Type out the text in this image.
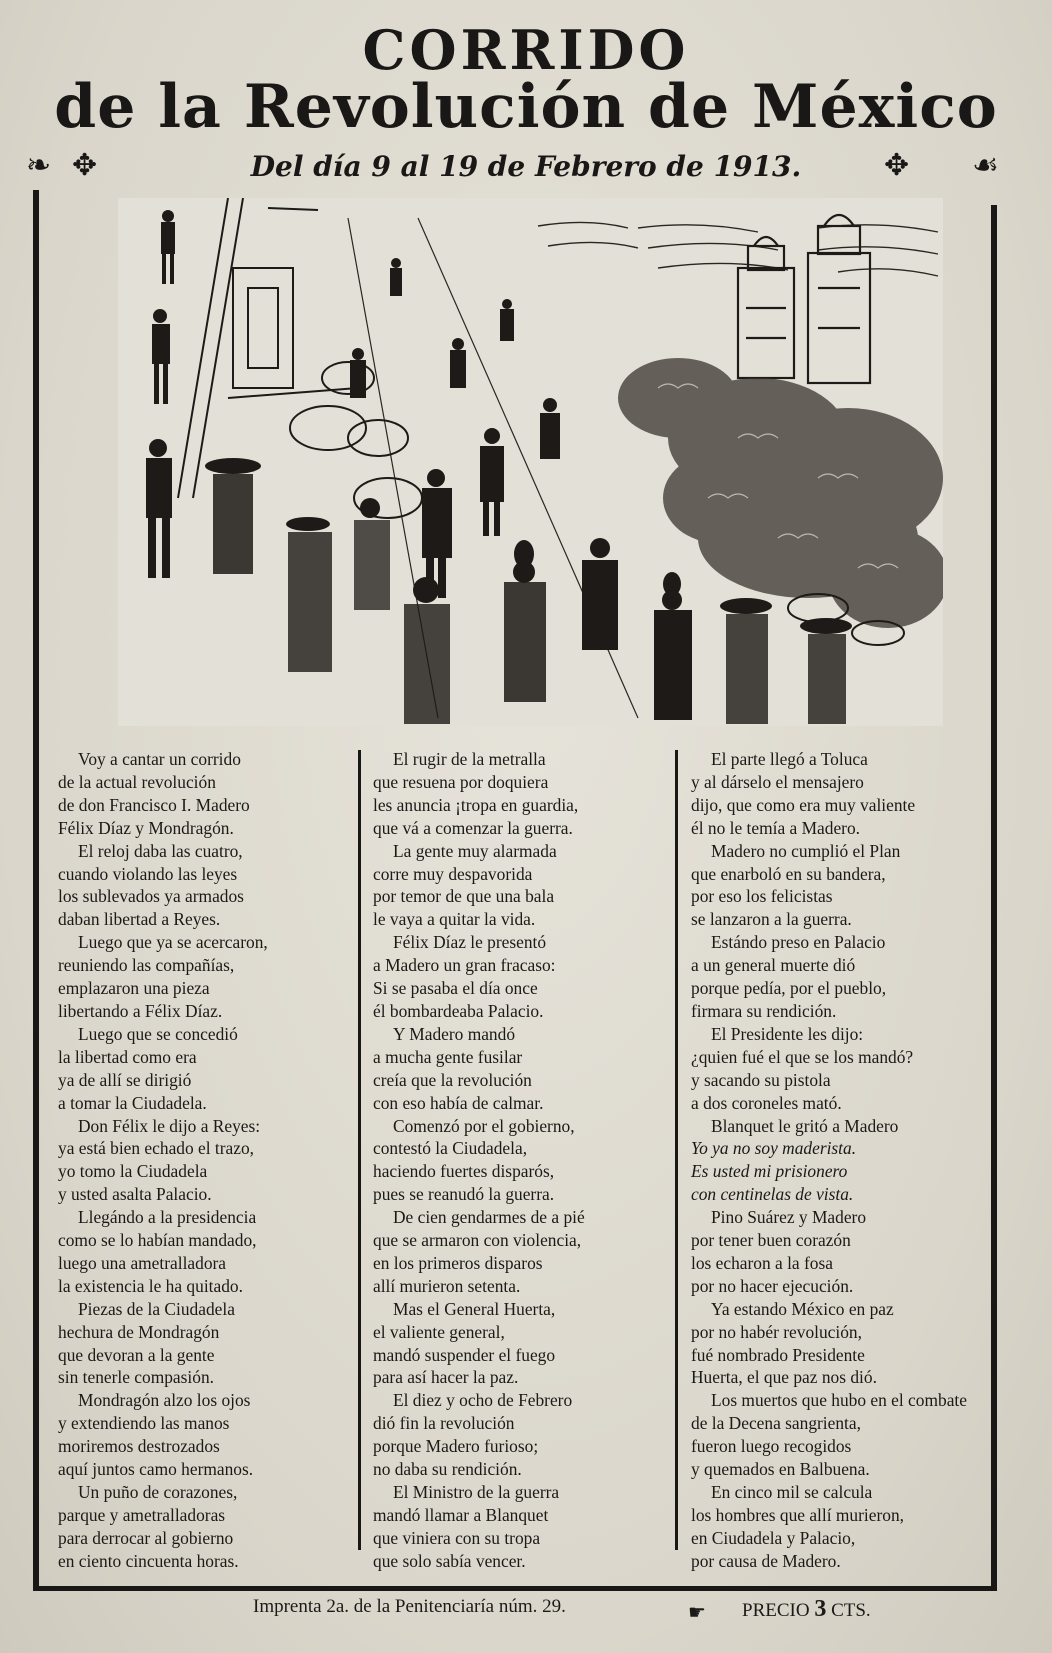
CORRIDO
de la Revolución de México
❧ ✥	Del día 9 al 19 de Febrero de 1913.	✥ ☙
Voy a cantar un corrido
de la actual revolución
de don Francisco I. Madero
Félix Díaz y Mondragón.
El reloj daba las cuatro,
cuando violando las leyes
los sublevados ya armados
daban libertad a Reyes.
Luego que ya se acercaron,
reuniendo las compañías,
emplazaron una pieza
libertando a Félix Díaz.
Luego que se concedió
la libertad como era
ya de allí se dirigió
a tomar la Ciudadela.
Don Félix le dijo a Reyes:
ya está bien echado el trazo,
yo tomo la Ciudadela
y usted asalta Palacio.
Llegándo a la presidencia
como se lo habían mandado,
luego una ametralladora
la existencia le ha quitado.
Piezas de la Ciudadela
hechura de Mondragón
que devoran a la gente
sin tenerle compasión.
Mondragón alzo los ojos
y extendiendo las manos
moriremos destrozados
aquí juntos camo hermanos.
Un puño de corazones,
parque y ametralladoras
para derrocar al gobierno
en ciento cincuenta horas.
El rugir de la metralla
que resuena por doquiera
les anuncia ¡tropa en guardia,
que vá a comenzar la guerra.
La gente muy alarmada
corre muy despavorida
por temor de que una bala
le vaya a quitar la vida.
Félix Díaz le presentó
a Madero un gran fracaso:
Si se pasaba el día once
él bombardeaba Palacio.
Y Madero mandó
a mucha gente fusilar
creía que la revolución
con eso había de calmar.
Comenzó por el gobierno,
contestó la Ciudadela,
haciendo fuertes disparós,
pues se reanudó la guerra.
De cien gendarmes de a pié
que se armaron con violencia,
en los primeros disparos
allí murieron setenta.
Mas el General Huerta,
el valiente general,
mandó suspender el fuego
para así hacer la paz.
El diez y ocho de Febrero
dió fin la revolución
porque Madero furioso;
no daba su rendición.
El Ministro de la guerra
mandó llamar a Blanquet
que viniera con su tropa
que solo sabía vencer.
El parte llegó a Toluca
y al dárselo el mensajero
dijo, que como era muy valiente
él no le temía a Madero.
Madero no cumplió el Plan
que enarboló en su bandera,
por eso los felicistas
se lanzaron a la guerra.
Estándo preso en Palacio
a un general muerte dió
porque pedía, por el pueblo,
firmara su rendición.
El Presidente les dijo:
¿quien fué el que se los mandó?
y sacando su pistola
a dos coroneles mató.
Blanquet le gritó a Madero
Yo ya no soy maderista.
Es usted mi prisionero
con centinelas de vista.
Pino Suárez y Madero
por tener buen corazón
los echaron a la fosa
por no hacer ejecución.
Ya estando México en paz
por no habér revolución,
fué nombrado Presidente
Huerta, el que paz nos dió.
Los muertos que hubo en el combate
de la Decena sangrienta,
fueron luego recogidos
y quemados en Balbuena.
En cinco mil se calcula
los hombres que allí murieron,
en Ciudadela y Palacio,
por causa de Madero.
Imprenta 2a. de la Penitenciaría núm. 29.	☛ PRECIO 3 CTS.
